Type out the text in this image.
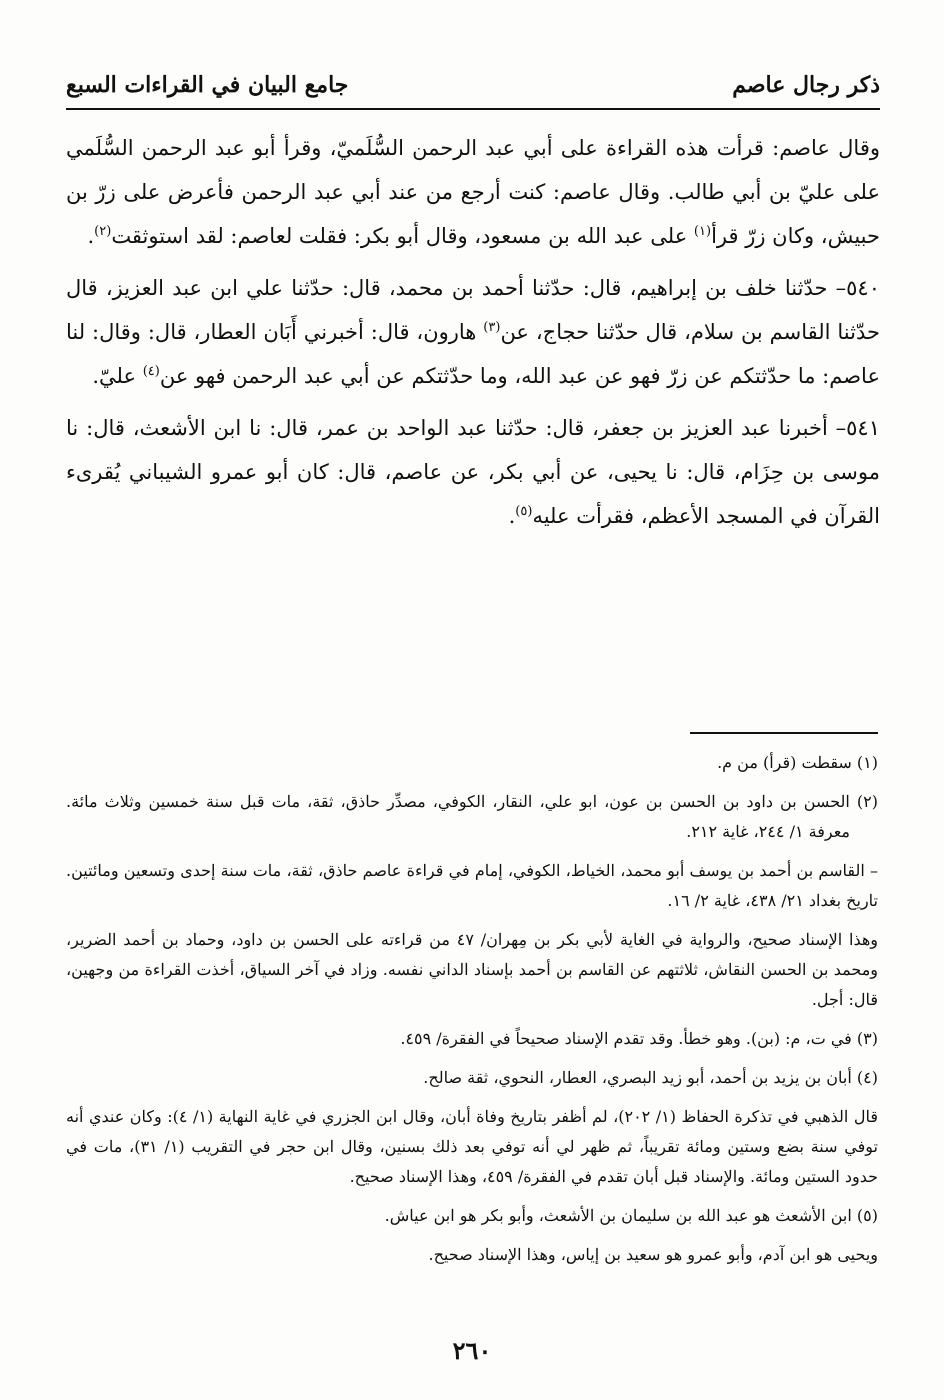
ذكر رجال عاصم
جامع البيان في القراءات السبع

وقال عاصم: قرأت هذه القراءة على أبي عبد الرحمن السُّلَميّ، وقرأ أبو عبد الرحمن السُّلَمي على عليّ بن أبي طالب. وقال عاصم: كنت أرجع من عند أبي عبد الرحمن فأعرض على زرّ بن حبيش، وكان زرّ قرأ$^{(١)}$ على عبد الله بن مسعود، وقال أبو بكر: فقلت لعاصم: لقد استوثقت$^{(٢)}$.

٥٤٠– حدّثنا خلف بن إبراهيم، قال: حدّثنا أحمد بن محمد، قال: حدّثنا علي ابن عبد العزيز، قال حدّثنا القاسم بن سلام، قال حدّثنا حجاج، عن$^{(٣)}$ هارون، قال: أخبرني أَبَان العطار، قال: وقال: لنا عاصم: ما حدّثتكم عن زرّ فهو عن عبد الله، وما حدّثتكم عن أبي عبد الرحمن فهو عن$^{(٤)}$ عليّ.

٥٤١– أخبرنا عبد العزيز بن جعفر، قال: حدّثنا عبد الواحد بن عمر، قال: نا ابن الأشعث، قال: نا موسى بن حِزَام، قال: نا يحيى، عن أبي بكر، عن عاصم، قال: كان أبو عمرو الشيباني يُقرىء القرآن في المسجد الأعظم، فقرأت عليه$^{(٥)}$.

(١) سقطت (قرأ) من م.
(٢) الحسن بن داود بن الحسن بن عون، ابو علي، النقار، الكوفي، مصدِّر حاذق، ثقة، مات قبل سنة خمسين وثلاث مائة. معرفة ١/ ٢٤٤، غاية ٢١٢.
– القاسم بن أحمد بن يوسف أبو محمد، الخياط، الكوفي، إمام في قراءة عاصم حاذق، ثقة، مات سنة إحدى وتسعين ومائتين. تاريخ بغداد ٢١/ ٤٣٨، غاية ٢/ ١٦.
وهذا الإسناد صحيح، والرواية في الغاية لأبي بكر بن مِهران/ ٤٧ من قراءته على الحسن بن داود، وحماد بن أحمد الضرير، ومحمد بن الحسن النقاش، ثلاثتهم عن القاسم بن أحمد بإسناد الداني نفسه. وزاد في آخر السياق، أخذت القراءة من وجهين، قال: أجل.
(٣) في ت، م: (بن). وهو خطأ. وقد تقدم الإسناد صحيحاً في الفقرة/ ٤٥٩.
(٤) أبان بن يزيد بن أحمد، أبو زيد البصري، العطار، النحوي، ثقة صالح.
قال الذهبي في تذكرة الحفاظ (١/ ٢٠٢)، لم أظفر بتاريخ وفاة أبان، وقال ابن الجزري في غاية النهاية (١/ ٤): وكان عندي أنه توفي سنة بضع وستين ومائة تقريباً، ثم ظهر لي أنه توفي بعد ذلك بسنين، وقال ابن حجر في التقريب (١/ ٣١)، مات في حدود الستين ومائة. والإسناد قبل أبان تقدم في الفقرة/ ٤٥٩، وهذا الإسناد صحيح.
(٥) ابن الأشعث هو عبد الله بن سليمان بن الأشعث، وأبو بكر هو ابن عياش.
ويحيى هو ابن آدم، وأبو عمرو هو سعيد بن إياس، وهذا الإسناد صحيح.
٢٦٠
